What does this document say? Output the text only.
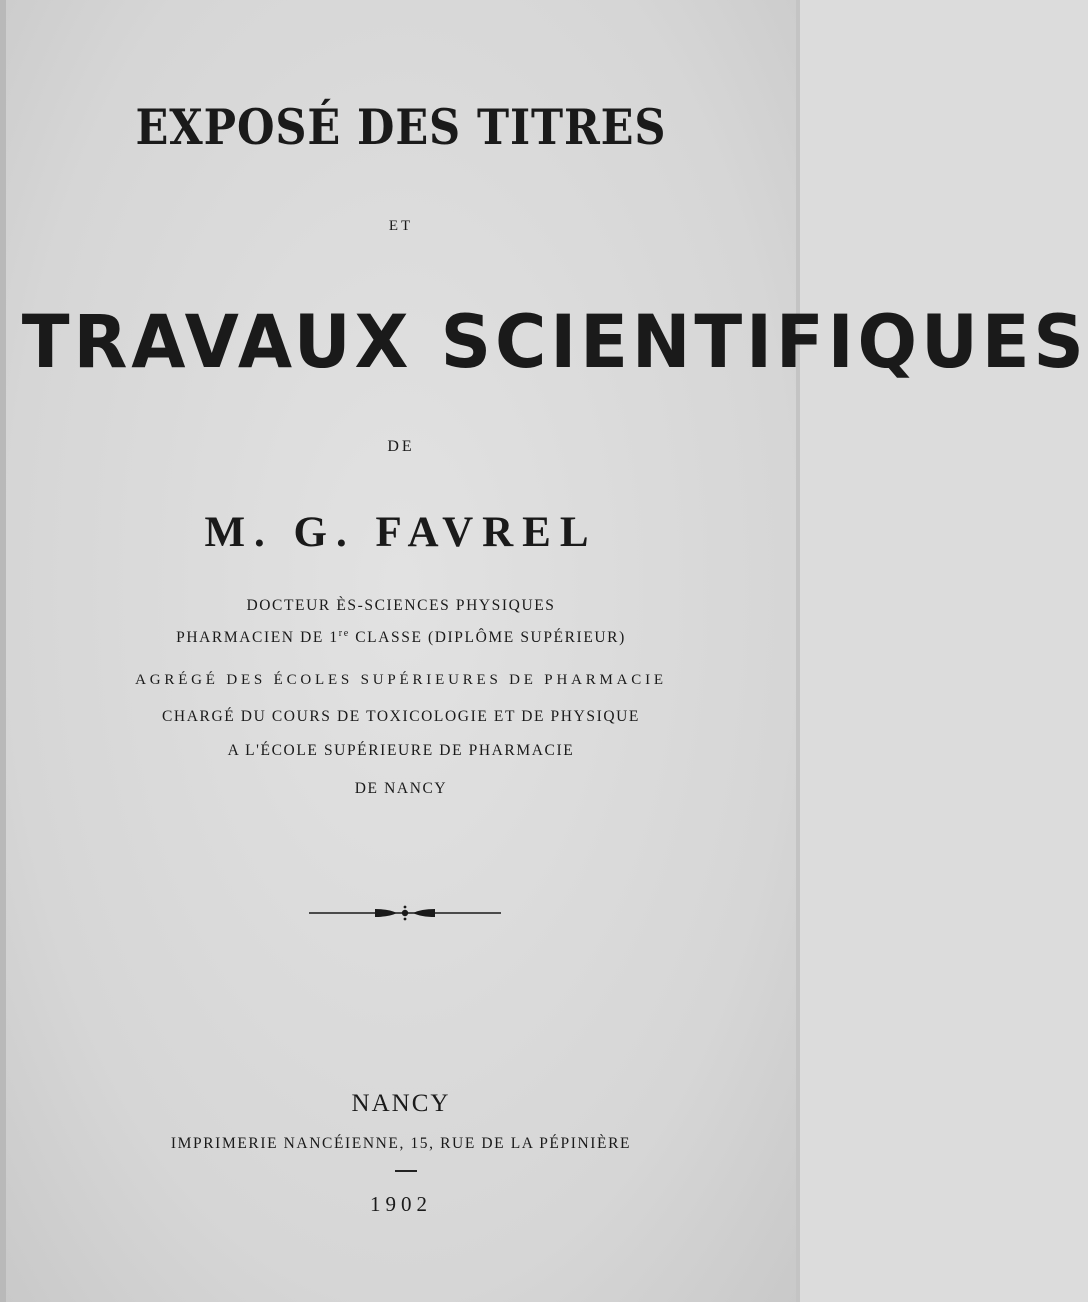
EXPOSÉ DES TITRES

ET

TRAVAUX SCIENTIFIQUES

DE

M. G. FAVREL

DOCTEUR ÈS-SCIENCES PHYSIQUES

PHARMACIEN DE 1re CLASSE (DIPLÔME SUPÉRIEUR)

AGRÉGÉ DES ÉCOLES SUPÉRIEURES DE PHARMACIE

CHARGÉ DU COURS DE TOXICOLOGIE ET DE PHYSIQUE

A L'ÉCOLE SUPÉRIEURE DE PHARMACIE

DE NANCY

NANCY

IMPRIMERIE NANCÉIENNE, 15, RUE DE LA PÉPINIÈRE

1902
